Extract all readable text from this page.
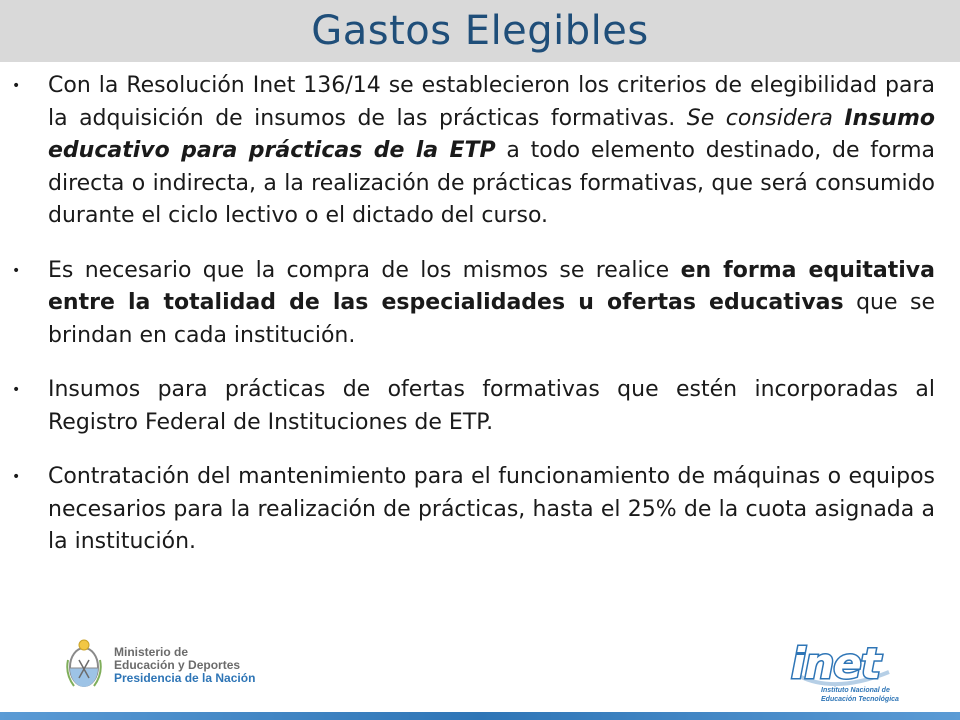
Gastos Elegibles
•	Con la Resolución Inet 136/14 se establecieron los criterios de elegibilidad para la adquisición de insumos de las prácticas formativas. Se considera Insumo educativo para prácticas de la ETP a todo elemento destinado, de forma directa o indirecta, a la realización de prácticas formativas, que será consumido durante el ciclo lectivo o el dictado del curso.
•	Es necesario que la compra de los mismos se realice en forma equitativa entre la totalidad de las especialidades u ofertas educativas que se brindan en cada institución.
•	Insumos para prácticas de ofertas formativas que estén incorporadas al Registro Federal de Instituciones de ETP.
•	Contratación del mantenimiento para el funcionamiento de máquinas o equipos necesarios para la realización de prácticas, hasta el 25% de la cuota asignada a la institución.
Ministerio de
Educación y Deportes
Presidencia de la Nación	inet
Instituto Nacional de
Educación Tecnológica
